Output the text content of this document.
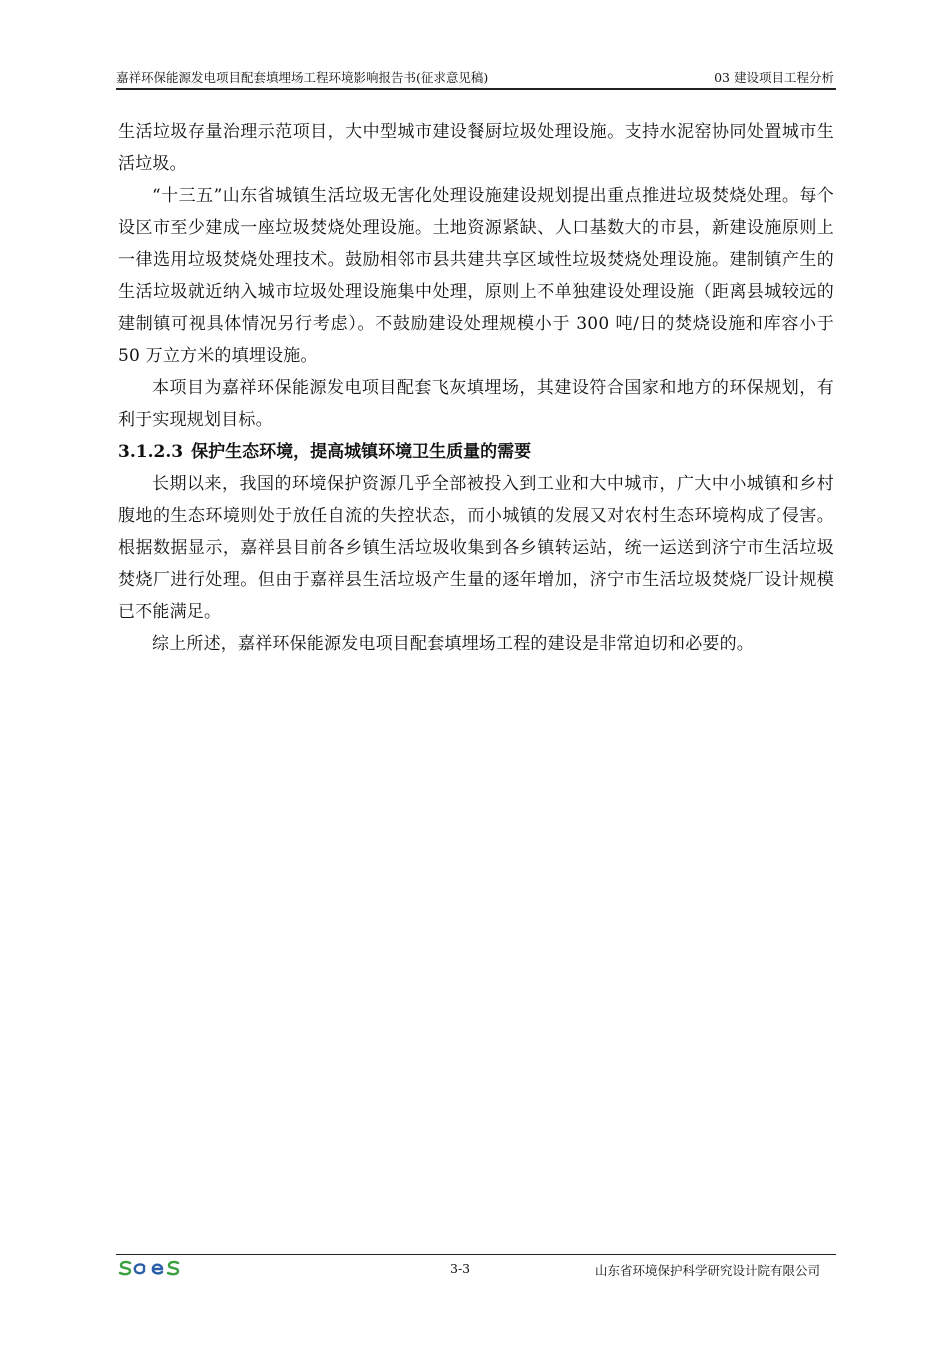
嘉祥环保能源发电项目配套填埋场工程环境影响报告书(征求意见稿)	03 建设项目工程分析

生活垃圾存量治理示范项目，大中型城市建设餐厨垃圾处理设施。支持水泥窑协同处置城市生活垃圾。

“十三五”山东省城镇生活垃圾无害化处理设施建设规划提出重点推进垃圾焚烧处理。每个设区市至少建成一座垃圾焚烧处理设施。土地资源紧缺、人口基数大的市县，新建设施原则上一律选用垃圾焚烧处理技术。鼓励相邻市县共建共享区域性垃圾焚烧处理设施。建制镇产生的生活垃圾就近纳入城市垃圾处理设施集中处理，原则上不单独建设处理设施（距离县城较远的建制镇可视具体情况另行考虑）。不鼓励建设处理规模小于 300 吨/日的焚烧设施和库容小于 50 万立方米的填埋设施。

本项目为嘉祥环保能源发电项目配套飞灰填埋场，其建设符合国家和地方的环保规划，有利于实现规划目标。

3.1.2.3 保护生态环境，提高城镇环境卫生质量的需要

长期以来，我国的环境保护资源几乎全部被投入到工业和大中城市，广大中小城镇和乡村腹地的生态环境则处于放任自流的失控状态，而小城镇的发展又对农村生态环境构成了侵害。根据数据显示，嘉祥县目前各乡镇生活垃圾收集到各乡镇转运站，统一运送到济宁市生活垃圾焚烧厂进行处理。但由于嘉祥县生活垃圾产生量的逐年增加，济宁市生活垃圾焚烧厂设计规模已不能满足。

综上所述，嘉祥环保能源发电项目配套填埋场工程的建设是非常迫切和必要的。

3-3	山东省环境保护科学研究设计院有限公司
